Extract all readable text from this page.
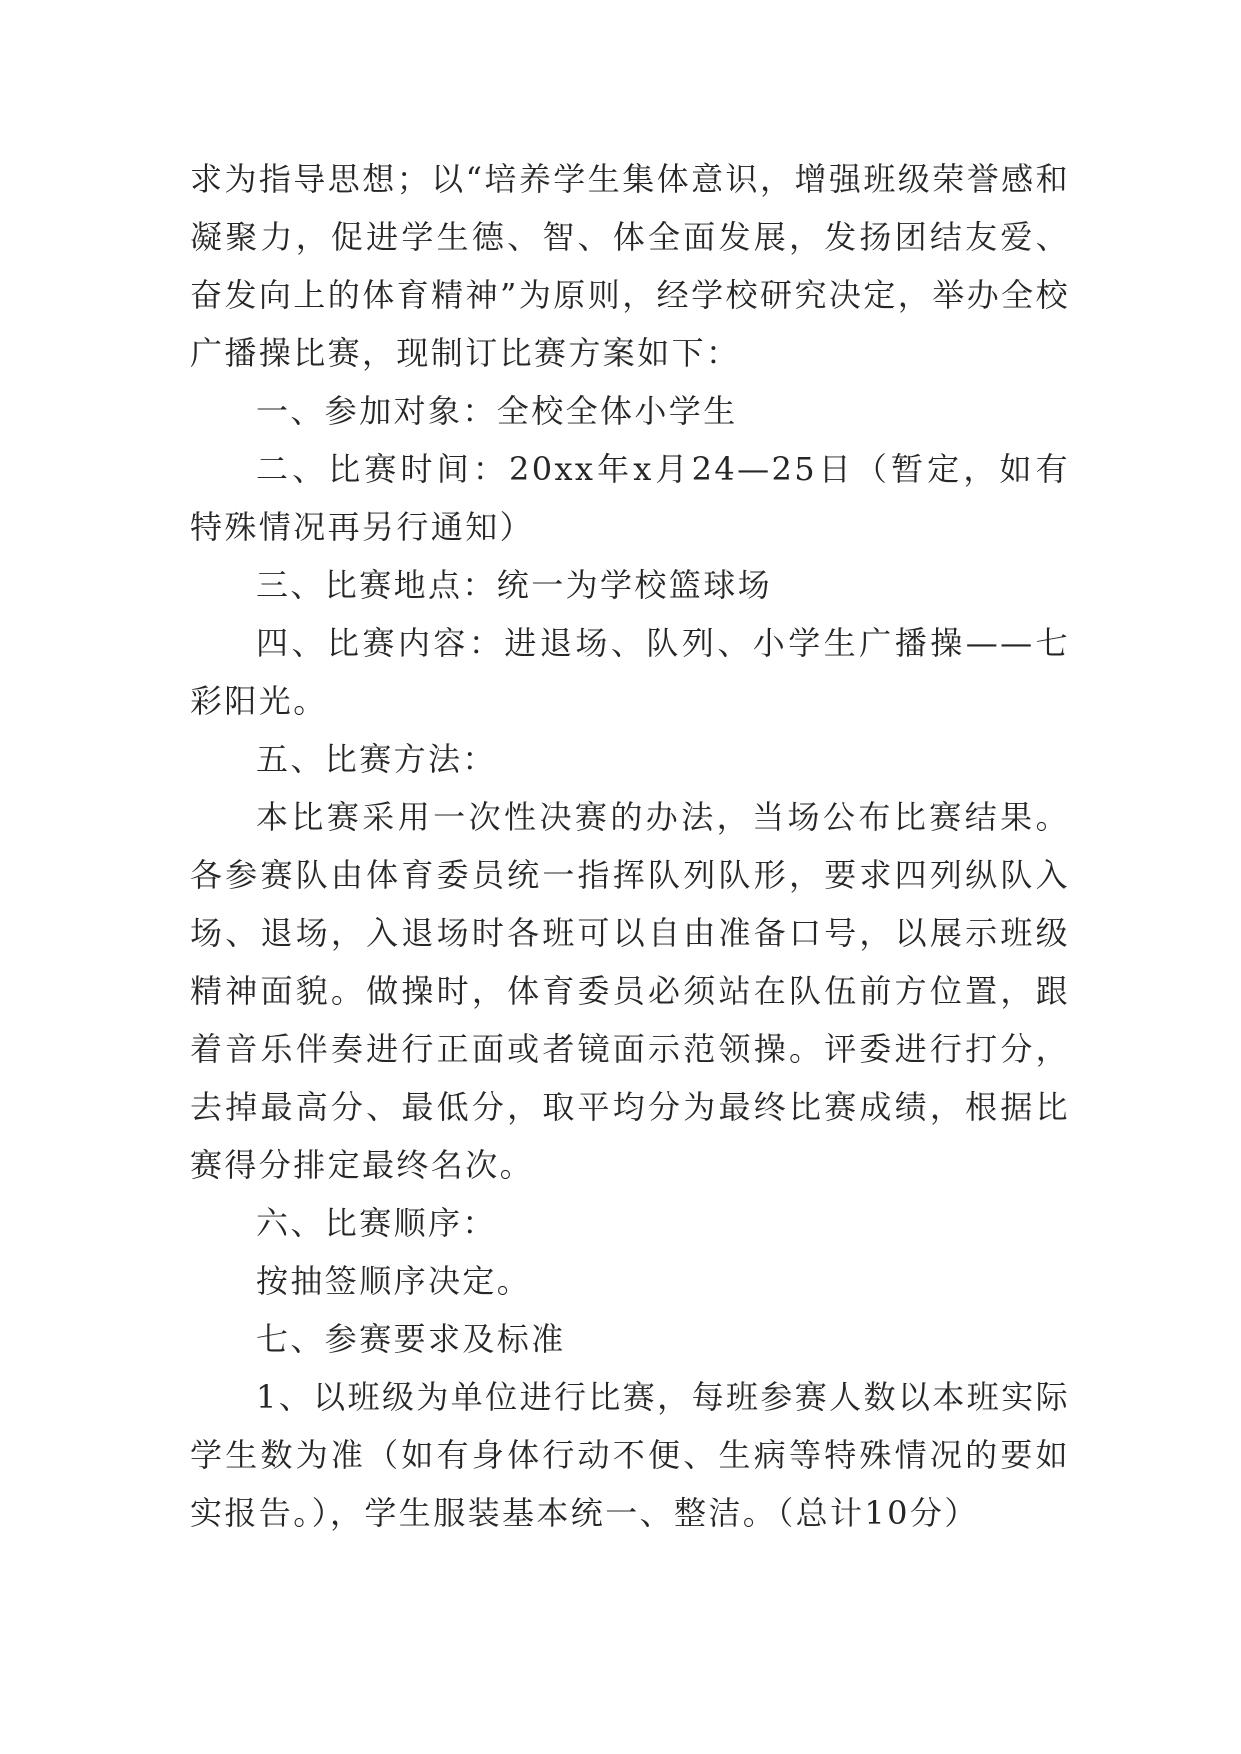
求为指导思想；以“培养学生集体意识，增强班级荣誉感和凝聚力，促进学生德、智、体全面发展，发扬团结友爱、奋发向上的体育精神”为原则，经学校研究决定，举办全校广播操比赛，现制订比赛方案如下：

一、参加对象：全校全体小学生

二、比赛时间：20xx年x月24—25日（暂定，如有特殊情况再另行通知）

三、比赛地点：统一为学校篮球场

四、比赛内容：进退场、队列、小学生广播操——七彩阳光。

五、比赛方法：

本比赛采用一次性决赛的办法，当场公布比赛结果。各参赛队由体育委员统一指挥队列队形，要求四列纵队入场、退场，入退场时各班可以自由准备口号，以展示班级精神面貌。做操时，体育委员必须站在队伍前方位置，跟着音乐伴奏进行正面或者镜面示范领操。评委进行打分，去掉最高分、最低分，取平均分为最终比赛成绩，根据比赛得分排定最终名次。

六、比赛顺序：

按抽签顺序决定。

七、参赛要求及标准

1、以班级为单位进行比赛，每班参赛人数以本班实际学生数为准（如有身体行动不便、生病等特殊情况的要如实报告。），学生服装基本统一、整洁。（总计10分）
